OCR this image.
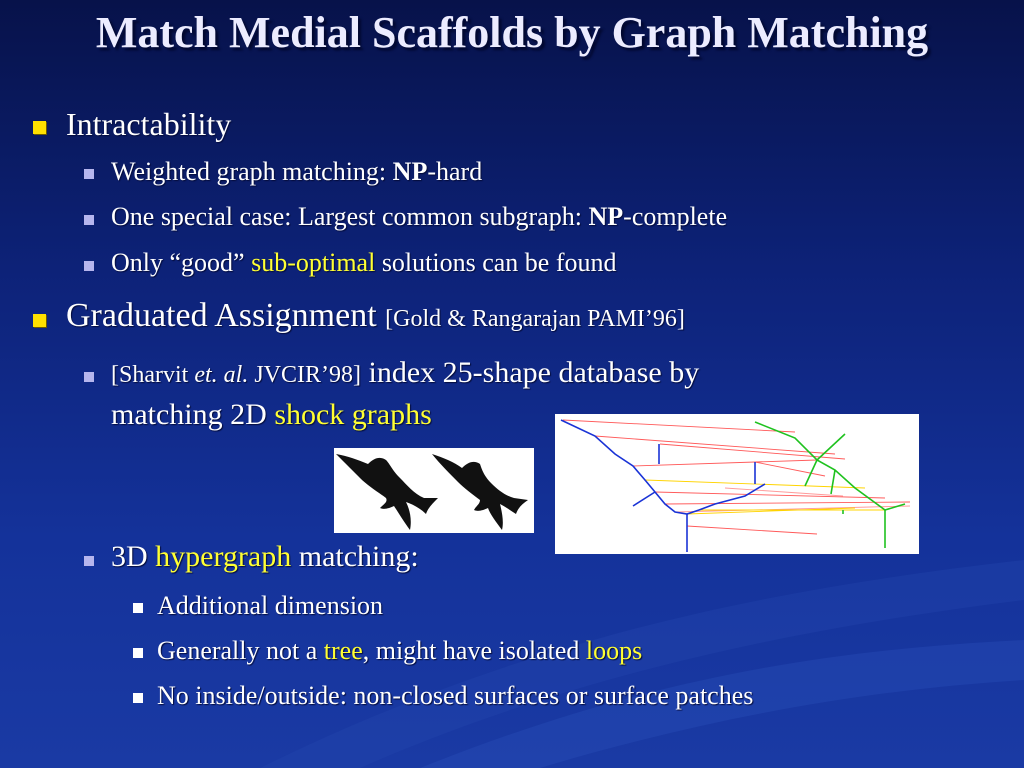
Match Medial Scaffolds by Graph Matching
Intractability
Weighted graph matching: NP-hard
One special case: Largest common subgraph: NP-complete
Only “good” sub-optimal solutions can be found
Graduated Assignment [Gold & Rangarajan PAMI’96]
[Sharvit et. al. JVCIR’98] index 25-shape database by
matching 2D shock graphs
3D hypergraph matching:
Additional dimension
Generally not a tree, might have isolated loops
No inside/outside: non-closed surfaces or surface patches
